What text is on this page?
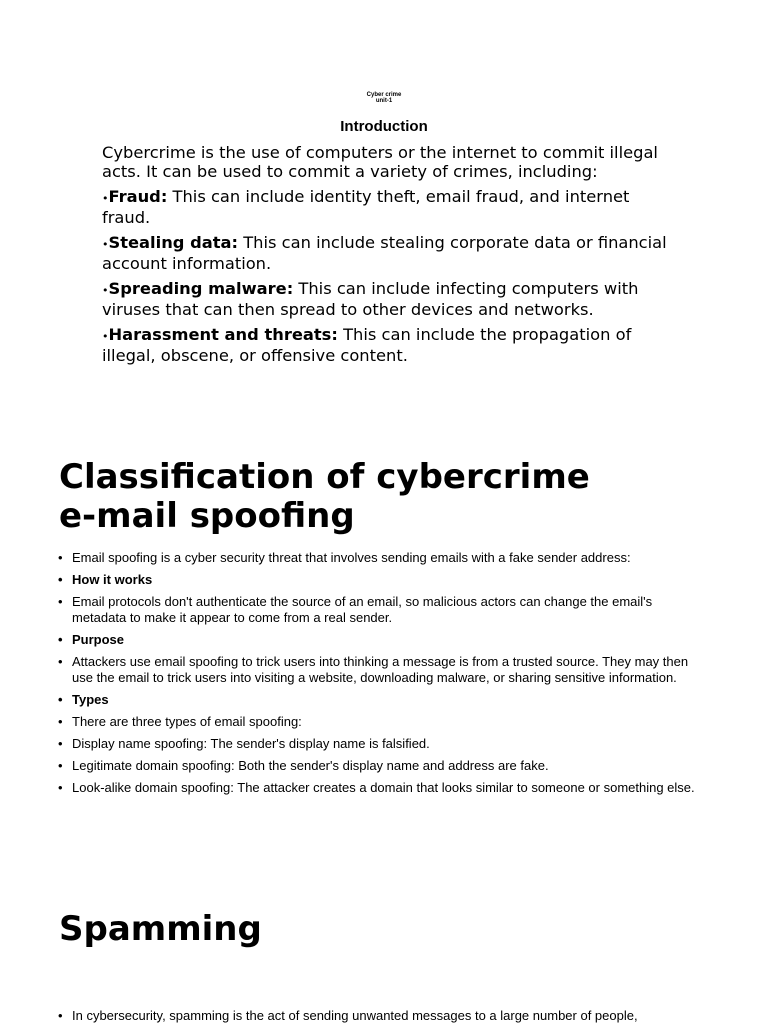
Cyber crime
unit-1
Introduction

Cybercrime is the use of computers or the internet to commit illegal acts. It can be used to commit a variety of crimes, including:

•Fraud: This can include identity theft, email fraud, and internet fraud.

•Stealing data: This can include stealing corporate data or financial account information.

•Spreading malware: This can include infecting computers with viruses that can then spread to other devices and networks.

•Harassment and threats: This can include the propagation of illegal, obscene, or offensive content.

Classification of cybercrime
e-mail spoofing
• Email spoofing is a cyber security threat that involves sending emails with a fake sender address:
• How it works
• Email protocols don't authenticate the source of an email, so malicious actors can change the email's metadata to make it appear to come from a real sender.
• Purpose
• Attackers use email spoofing to trick users into thinking a message is from a trusted source. They may then use the email to trick users into visiting a website, downloading malware, or sharing sensitive information.
• Types
• There are three types of email spoofing:
• Display name spoofing: The sender's display name is falsified.
• Legitimate domain spoofing: Both the sender's display name and address are fake.
• Look-alike domain spoofing: The attacker creates a domain that looks similar to someone or something else.
Spamming
• In cybersecurity, spamming is the act of sending unwanted messages to a large number of people,
